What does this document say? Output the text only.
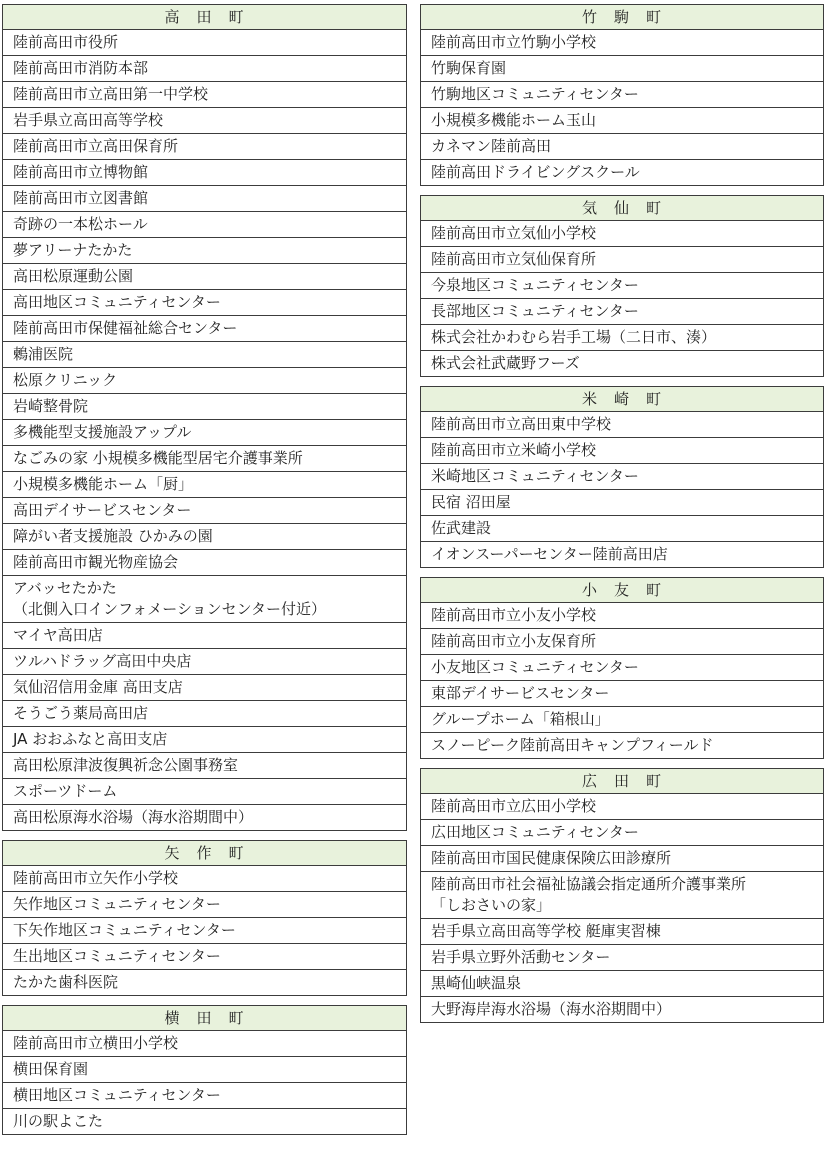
高　田　町
陸前高田市役所
陸前高田市消防本部
陸前高田市立高田第一中学校
岩手県立高田高等学校
陸前高田市立高田保育所
陸前高田市立博物館
陸前高田市立図書館
奇跡の一本松ホール
夢アリーナたかた
高田松原運動公園
高田地区コミュニティセンター
陸前高田市保健福祉総合センター
鶫浦医院
松原クリニック
岩崎整骨院
多機能型支援施設アップル
なごみの家 小規模多機能型居宅介護事業所
小規模多機能ホーム「厨」
高田デイサービスセンター
障がい者支援施設 ひかみの園
陸前高田市観光物産協会
アバッセたかた
（北側入口インフォメーションセンター付近）
マイヤ高田店
ツルハドラッグ高田中央店
気仙沼信用金庫 高田支店
そうごう薬局高田店
JA おおふなと高田支店
高田松原津波復興祈念公園事務室
スポーツドーム
高田松原海水浴場（海水浴期間中）
矢　作　町
陸前高田市立矢作小学校
矢作地区コミュニティセンター
下矢作地区コミュニティセンター
生出地区コミュニティセンター
たかた歯科医院
横　田　町
陸前高田市立横田小学校
横田保育園
横田地区コミュニティセンター
川の駅よこた
竹　駒　町
陸前高田市立竹駒小学校
竹駒保育園
竹駒地区コミュニティセンター
小規模多機能ホーム玉山
カネマン陸前高田
陸前高田ドライビングスクール
気　仙　町
陸前高田市立気仙小学校
陸前高田市立気仙保育所
今泉地区コミュニティセンター
長部地区コミュニティセンター
株式会社かわむら岩手工場（二日市、湊）
株式会社武蔵野フーズ
米　崎　町
陸前高田市立高田東中学校
陸前高田市立米崎小学校
米崎地区コミュニティセンター
民宿 沼田屋
佐武建設
イオンスーパーセンター陸前高田店
小　友　町
陸前高田市立小友小学校
陸前高田市立小友保育所
小友地区コミュニティセンター
東部デイサービスセンター
グループホーム「箱根山」
スノーピーク陸前高田キャンプフィールド
広　田　町
陸前高田市立広田小学校
広田地区コミュニティセンター
陸前高田市国民健康保険広田診療所
陸前高田市社会福祉協議会指定通所介護事業所
「しおさいの家」
岩手県立高田高等学校 艇庫実習棟
岩手県立野外活動センター
黒崎仙峡温泉
大野海岸海水浴場（海水浴期間中）
